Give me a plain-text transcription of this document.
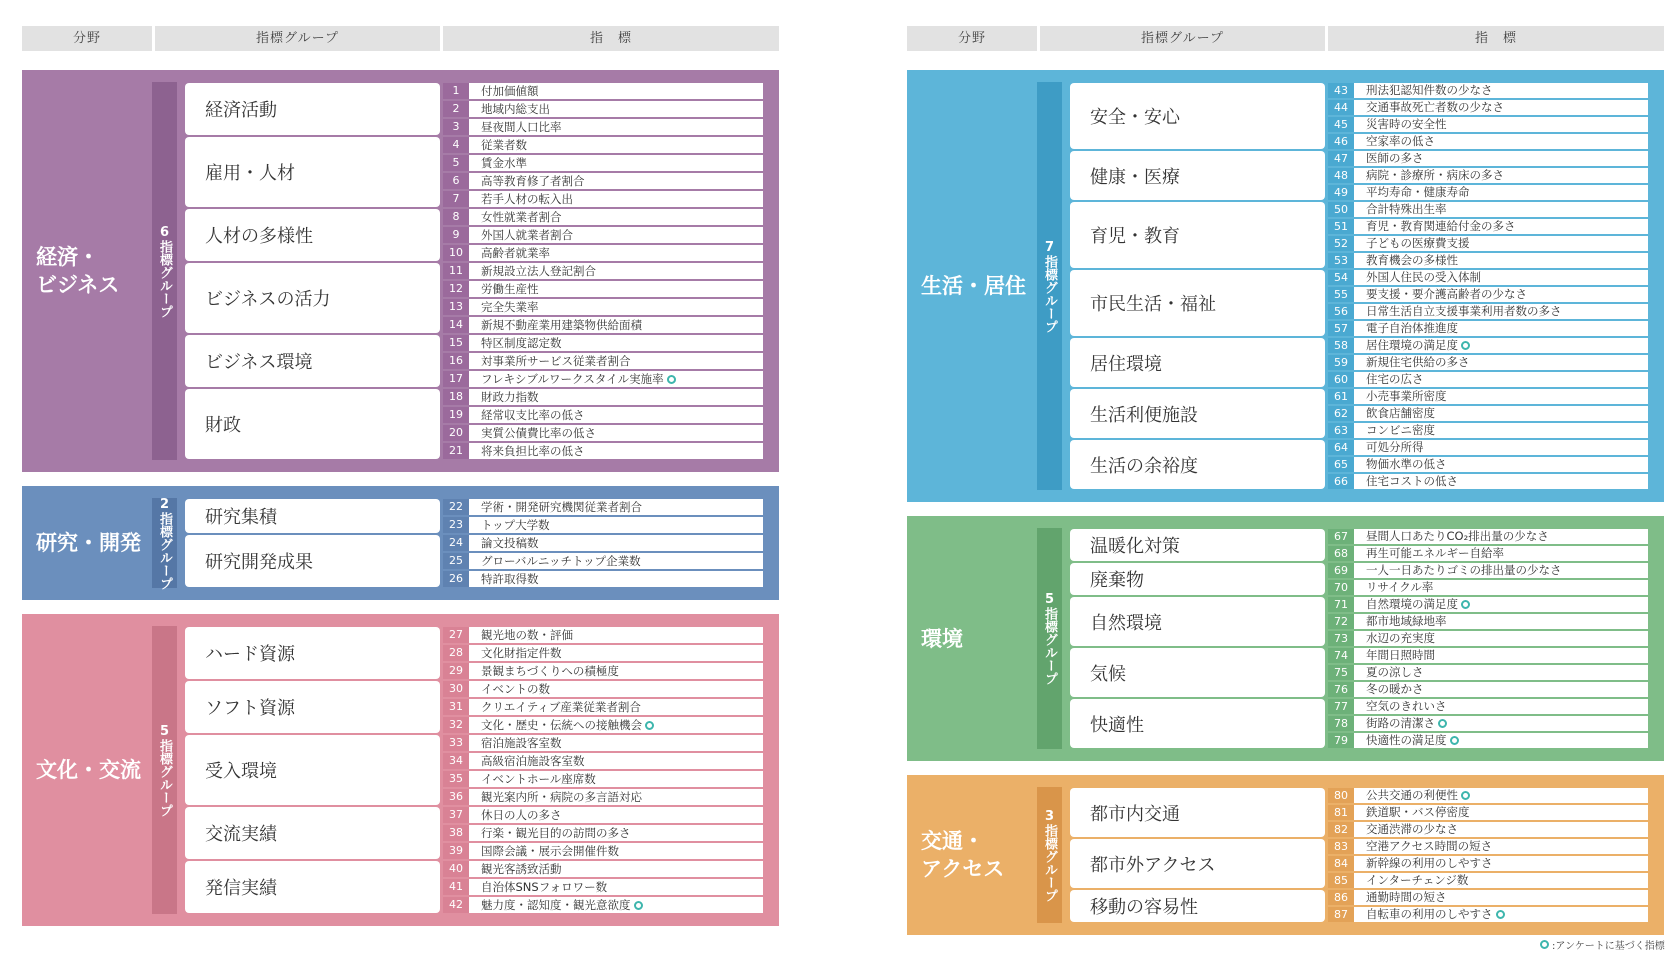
分野	指標グループ	指　標
経済・
ビジネス
6
指標グループ
経済活動
1	付加価値額
2	地域内総支出
3	昼夜間人口比率
雇用・人材
4	従業者数
5	賃金水準
6	高等教育修了者割合
7	若手人材の転入出
人材の多様性
8	女性就業者割合
9	外国人就業者割合
10	高齢者就業率
ビジネスの活力
11	新規設立法人登記割合
12	労働生産性
13	完全失業率
14	新規不動産業用建築物供給面積
ビジネス環境
15	特区制度認定数
16	対事業所サービス従業者割合
17	フレキシブルワークスタイル実施率
財政
18	財政力指数
19	経常収支比率の低さ
20	実質公債費比率の低さ
21	将来負担比率の低さ
研究・開発
2
指標グループ	研究集積
22	学術・開発研究機関従業者割合
23	トップ大学数
研究開発成果
24	論文投稿数
25	グローバルニッチトップ企業数
26	特許取得数
文化・交流
5
指標グループ
ハード資源
27	観光地の数・評価
28	文化財指定件数
29	景観まちづくりへの積極度
ソフト資源
30	イベントの数
31	クリエイティブ産業従業者割合
32	文化・歴史・伝統への接触機会
受入環境
33	宿泊施設客室数
34	高級宿泊施設客室数
35	イベントホール座席数
36	観光案内所・病院の多言語対応
交流実績
37	休日の人の多さ
38	行楽・観光目的の訪問の多さ
39	国際会議・展示会開催件数
発信実績
40	観光客誘致活動
41	自治体SNSフォロワー数
42	魅力度・認知度・観光意欲度
分野	指標グループ	指　標
生活・居住
7
指標グループ
安全・安心
43	刑法犯認知件数の少なさ
44	交通事故死亡者数の少なさ
45	災害時の安全性
46	空家率の低さ
健康・医療
47	医師の多さ
48	病院・診療所・病床の多さ
49	平均寿命・健康寿命
育児・教育
50	合計特殊出生率
51	育児・教育関連給付金の多さ
52	子どもの医療費支援
53	教育機会の多様性
市民生活・福祉
54	外国人住民の受入体制
55	要支援・要介護高齢者の少なさ
56	日常生活自立支援事業利用者数の多さ
57	電子自治体推進度
居住環境
58	居住環境の満足度
59	新規住宅供給の多さ
60	住宅の広さ
生活利便施設
61	小売事業所密度
62	飲食店舗密度
63	コンビニ密度
生活の余裕度
64	可処分所得
65	物価水準の低さ
66	住宅コストの低さ
環境
5
指標グループ
温暖化対策	67	昼間人口あたりCO₂排出量の少なさ
68	再生可能エネルギー自給率
廃棄物	69	一人一日あたりゴミの排出量の少なさ
70	リサイクル率
自然環境
71	自然環境の満足度
72	都市地域緑地率
73	水辺の充実度
気候
74	年間日照時間
75	夏の涼しさ
76	冬の暖かさ
快適性
77	空気のきれいさ
78	街路の清潔さ
79	快適性の満足度
交通・
アクセス
3
指標グループ
都市内交通
80	公共交通の利便性
81	鉄道駅・バス停密度
82	交通渋滞の少なさ
都市外アクセス
83	空港アクセス時間の短さ
84	新幹線の利用のしやすさ
85	インターチェンジ数
移動の容易性	86	通勤時間の短さ
87	自転車の利用のしやすさ
:アンケートに基づく指標
